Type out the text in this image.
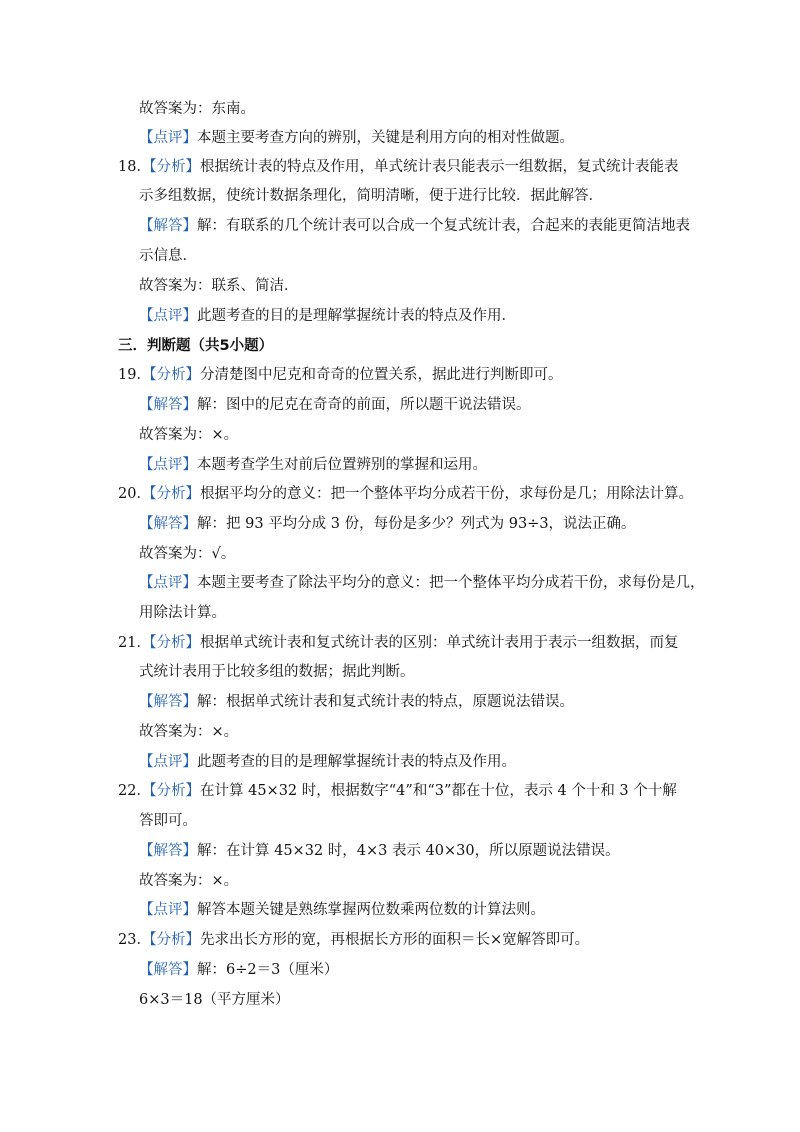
故答案为：东南。
【点评】本题主要考查方向的辨别，关键是利用方向的相对性做题。
18．【分析】根据统计表的特点及作用，单式统计表只能表示一组数据，复式统计表能表
示多组数据，使统计数据条理化，简明清晰，便于进行比较．据此解答．
【解答】解：有联系的几个统计表可以合成一个复式统计表，合起来的表能更简洁地表
示信息．
故答案为：联系、简洁．
【点评】此题考查的目的是理解掌握统计表的特点及作用．
三．判断题（共5小题）
19．【分析】分清楚图中尼克和奇奇的位置关系，据此进行判断即可。
【解答】解：图中的尼克在奇奇的前面，所以题干说法错误。
故答案为：×。
【点评】本题考查学生对前后位置辨别的掌握和运用。
20．【分析】根据平均分的意义：把一个整体平均分成若干份，求每份是几；用除法计算。
【解答】解：把 93 平均分成 3 份，每份是多少？列式为 93÷3，说法正确。
故答案为：√。
【点评】本题主要考查了除法平均分的意义：把一个整体平均分成若干份，求每份是几，
用除法计算。
21．【分析】根据单式统计表和复式统计表的区别：单式统计表用于表示一组数据，而复
式统计表用于比较多组的数据；据此判断。
【解答】解：根据单式统计表和复式统计表的特点，原题说法错误。
故答案为：×。
【点评】此题考查的目的是理解掌握统计表的特点及作用。
22．【分析】在计算 45×32 时，根据数字“4”和“3”都在十位，表示 4 个十和 3 个十解
答即可。
【解答】解：在计算 45×32 时，4×3 表示 40×30，所以原题说法错误。
故答案为：×。
【点评】解答本题关键是熟练掌握两位数乘两位数的计算法则。
23．【分析】先求出长方形的宽，再根据长方形的面积＝长×宽解答即可。
【解答】解：6÷2＝3（厘米）
6×3＝18（平方厘米）
